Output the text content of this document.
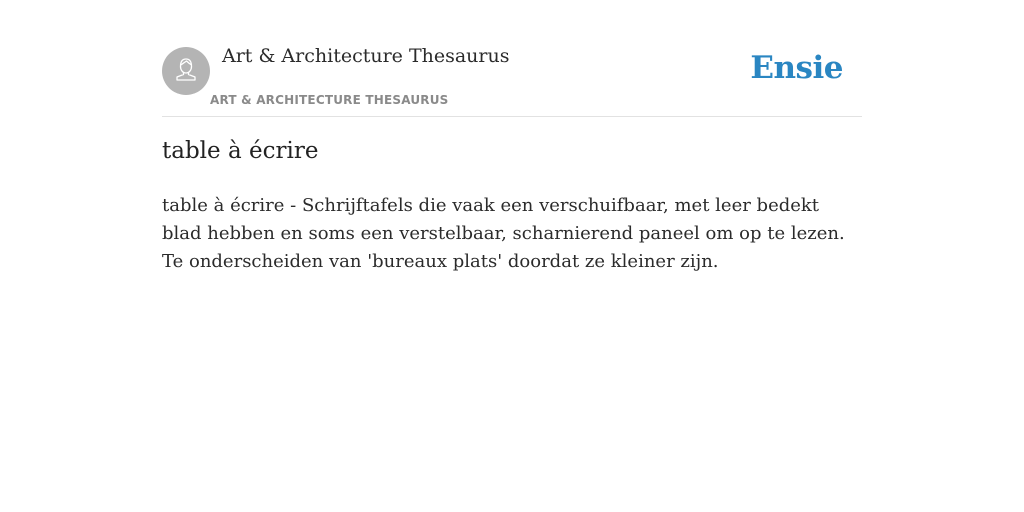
Art & Architecture Thesaurus
ART & ARCHITECTURE THESAURUS
Ensie
table à écrire

table à écrire - Schrijftafels die vaak een verschuifbaar, met leer bedekt blad hebben en soms een verstelbaar, scharnierend paneel om op te lezen. Te onderscheiden van 'bureaux plats' doordat ze kleiner zijn.
